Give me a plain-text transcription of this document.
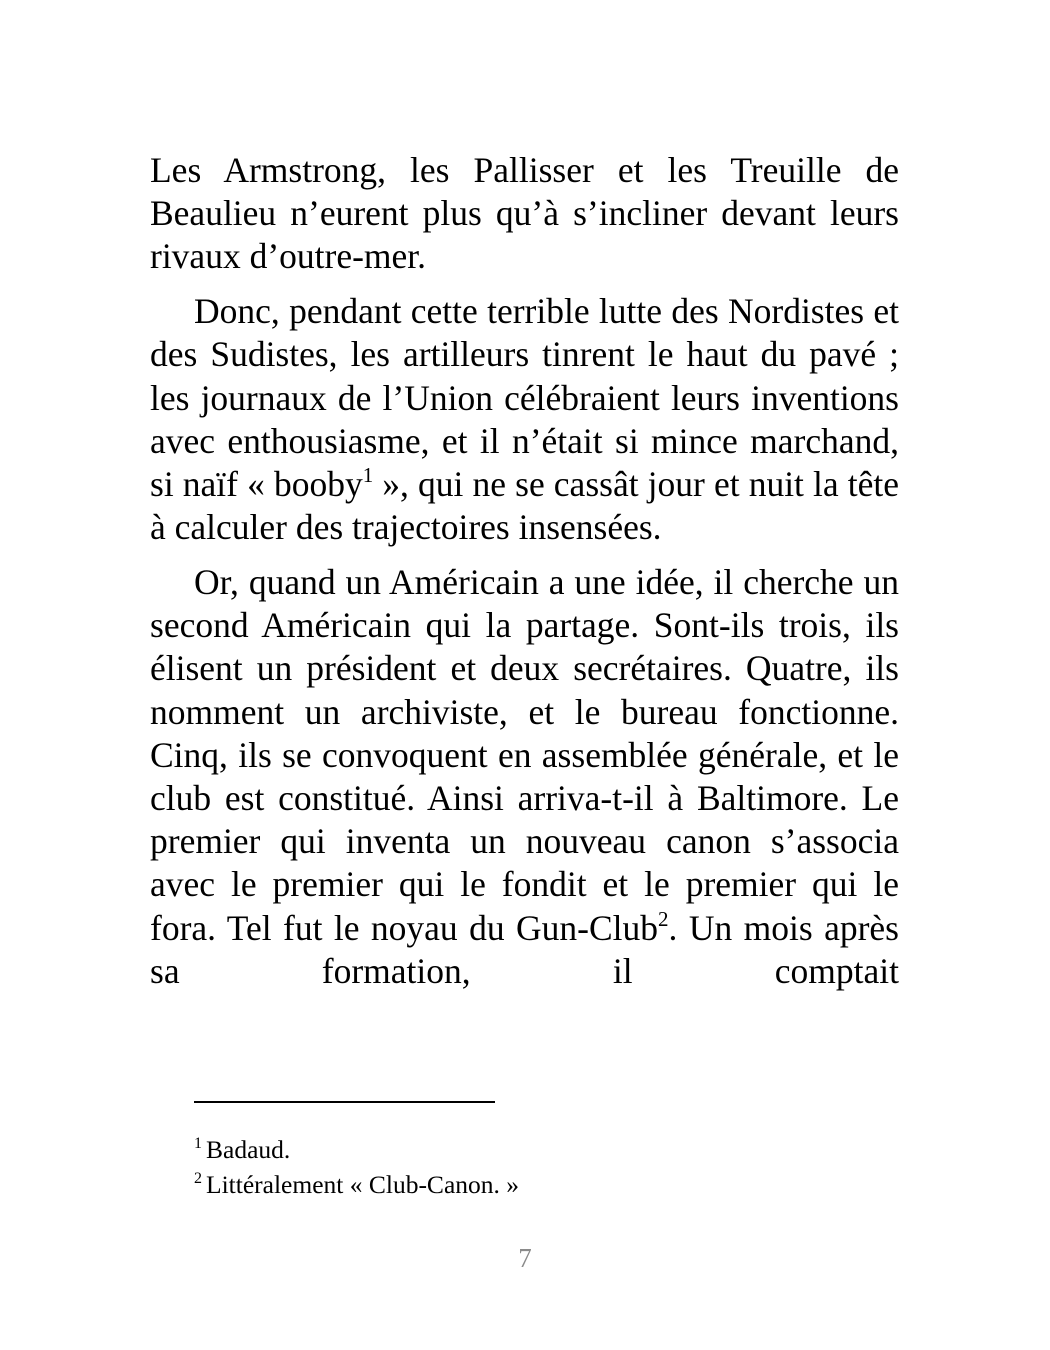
Les Armstrong, les Pallisser et les Treuille de Beaulieu n’eurent plus qu’à s’incliner devant leurs rivaux d’outre-mer.

Donc, pendant cette terrible lutte des Nordistes et des Sudistes, les artilleurs tinrent le haut du pavé ; les journaux de l’Union célébraient leurs inventions avec enthousiasme, et il n’était si mince marchand, si naïf « booby$^1$ », qui ne se cassât jour et nuit la tête à calculer des trajectoires insensées.

Or, quand un Américain a une idée, il cherche un second Américain qui la partage. Sont-ils trois, ils élisent un président et deux secrétaires. Quatre, ils nomment un archiviste, et le bureau fonctionne. Cinq, ils se convoquent en assemblée générale, et le club est constitué. Ainsi arriva-t-il à Baltimore. Le premier qui inventa un nouveau canon s’associa avec le premier qui le fondit et le premier qui le fora. Tel fut le noyau du Gun-Club$^2$. Un mois après sa formation, il comptait

$^1$ Badaud.

$^2$ Littéralement « Club-Canon. »

7
